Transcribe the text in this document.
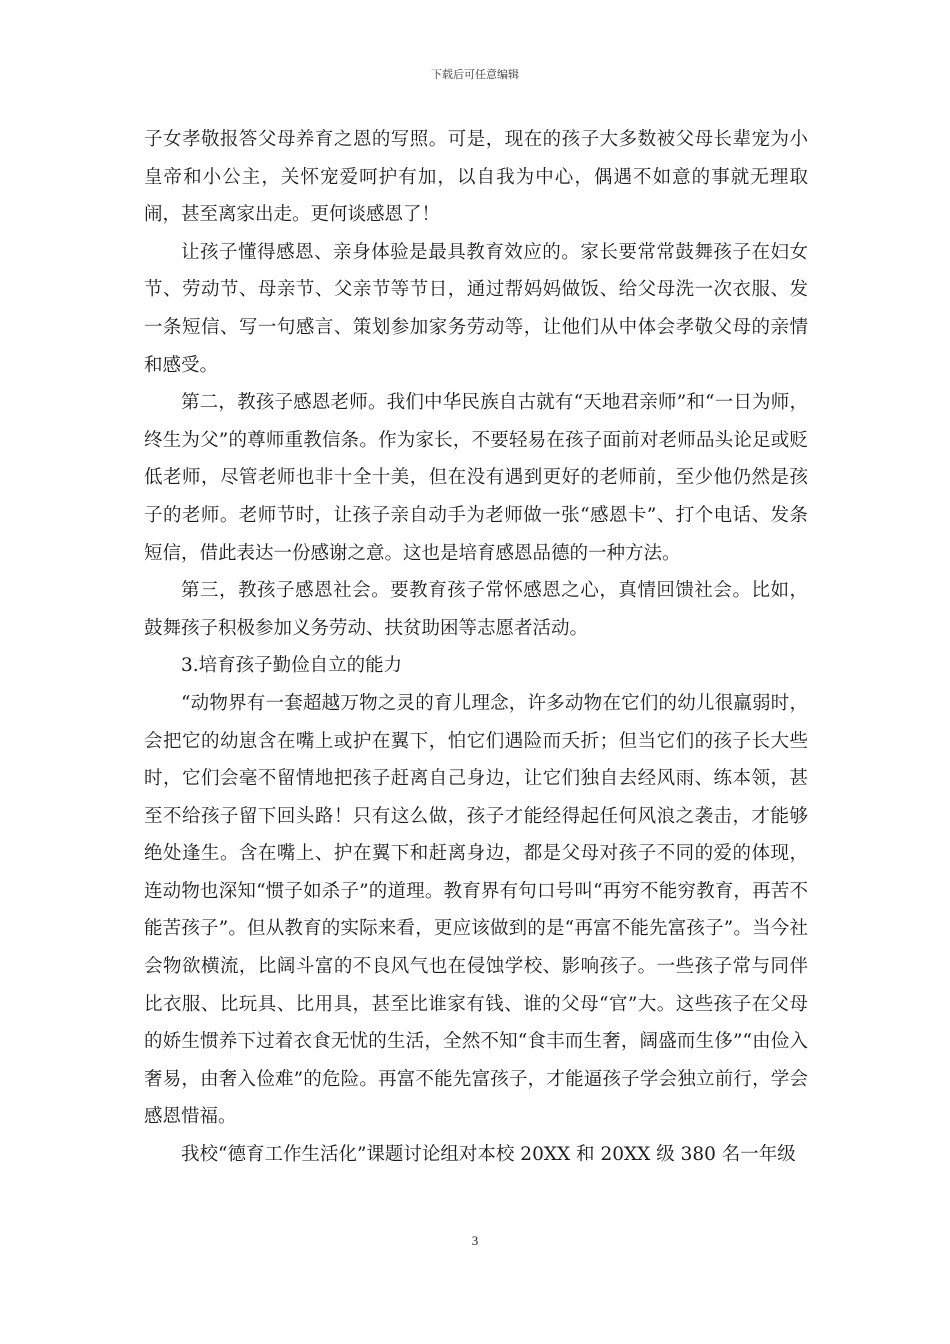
下载后可任意编辑

子女孝敬报答父母养育之恩的写照。可是，现在的孩子大多数被父母长辈宠为小皇帝和小公主，关怀宠爱呵护有加，以自我为中心，偶遇不如意的事就无理取闹，甚至离家出走。更何谈感恩了！

让孩子懂得感恩、亲身体验是最具教育效应的。家长要常常鼓舞孩子在妇女节、劳动节、母亲节、父亲节等节日，通过帮妈妈做饭、给父母洗一次衣服、发一条短信、写一句感言、策划参加家务劳动等，让他们从中体会孝敬父母的亲情和感受。

第二，教孩子感恩老师。我们中华民族自古就有“天地君亲师”和“一日为师，终生为父”的尊师重教信条。作为家长，不要轻易在孩子面前对老师品头论足或贬低老师，尽管老师也非十全十美，但在没有遇到更好的老师前，至少他仍然是孩子的老师。老师节时，让孩子亲自动手为老师做一张“感恩卡”、打个电话、发条短信，借此表达一份感谢之意。这也是培育感恩品德的一种方法。

第三，教孩子感恩社会。要教育孩子常怀感恩之心，真情回馈社会。比如，鼓舞孩子积极参加义务劳动、扶贫助困等志愿者活动。

3.培育孩子勤俭自立的能力

“动物界有一套超越万物之灵的育儿理念，许多动物在它们的幼儿很羸弱时，会把它的幼崽含在嘴上或护在翼下，怕它们遇险而夭折；但当它们的孩子长大些时，它们会毫不留情地把孩子赶离自己身边，让它们独自去经风雨、练本领，甚至不给孩子留下回头路！只有这么做，孩子才能经得起任何风浪之袭击，才能够绝处逢生。含在嘴上、护在翼下和赶离身边，都是父母对孩子不同的爱的体现，连动物也深知“惯子如杀子”的道理。教育界有句口号叫“再穷不能穷教育，再苦不能苦孩子”。但从教育的实际来看，更应该做到的是“再富不能先富孩子”。当今社会物欲横流，比阔斗富的不良风气也在侵蚀学校、影响孩子。一些孩子常与同伴比衣服、比玩具、比用具，甚至比谁家有钱、谁的父母“官”大。这些孩子在父母的娇生惯养下过着衣食无忧的生活，全然不知“食丰而生奢，阔盛而生侈”“由俭入奢易，由奢入俭难”的危险。再富不能先富孩子，才能逼孩子学会独立前行，学会感恩惜福。

我校“德育工作生活化”课题讨论组对本校 20XX 和 20XX 级 380 名一年级

3
